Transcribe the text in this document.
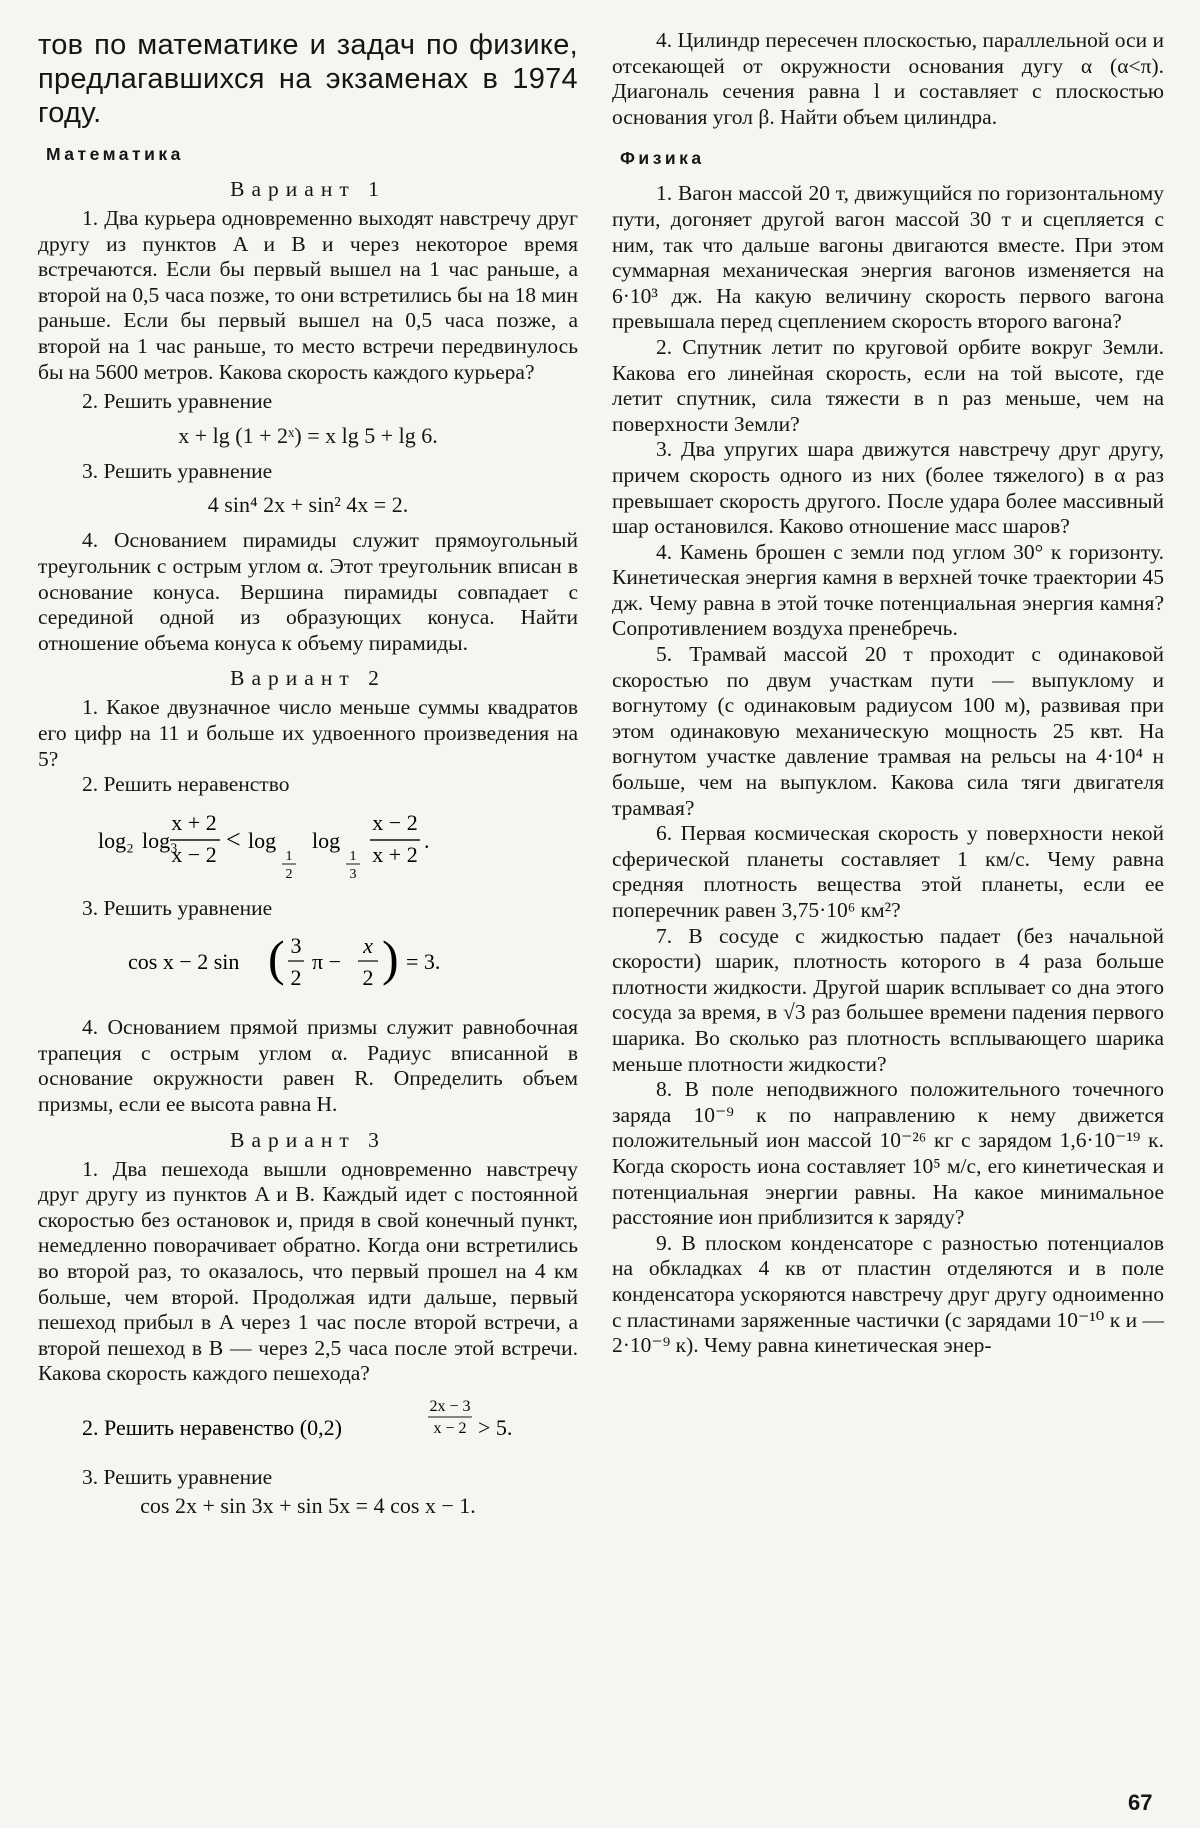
тов по математике и задач по физике, предлагавшихся на экзаменах в 1974 году.

Математика
Вариант 1

1. Два курьера одновременно выходят навстречу друг другу из пунктов A и B и через некоторое время встречаются. Если бы первый вышел на 1 час раньше, а второй на 0,5 часа позже, то они встретились бы на 18 мин раньше. Если бы первый вышел на 0,5 часа позже, а второй на 1 час раньше, то место встречи передвинулось бы на 5600 метров. Какова скорость каждого курьера?

2. Решить уравнение

x + lg (1 + 2ˣ) = x lg 5 + lg 6.

3. Решить уравнение

4 sin⁴ 2x + sin² 4x = 2.

4. Основанием пирамиды служит прямоугольный треугольник с острым углом α. Этот треугольник вписан в основание конуса. Вершина пирамиды совпадает с серединой одной из образующих конуса. Найти отношение объема конуса к объему пирамиды.

Вариант 2

1. Какое двузначное число меньше суммы квадратов его цифр на 11 и больше их удвоенного произведения на 5?

2. Решить неравенство

log₂ log₃
x + 2
x − 2
< log
1
2
log
1
3
x − 2
x + 2
.

3. Решить уравнение

cos x − 2 sin ( 3
2
π −
x
2 ) = 3.

4. Основанием прямой призмы служит равнобочная трапеция с острым углом α. Радиус вписанной в основание окружности равен R. Определить объем призмы, если ее высота равна H.

Вариант 3

1. Два пешехода вышли одновременно навстречу друг другу из пунктов A и B. Каждый идет с постоянной скоростью без остановок и, придя в свой конечный пункт, немедленно поворачивает обратно. Когда они встретились во второй раз, то оказалось, что первый прошел на 4 км больше, чем второй. Продолжая идти дальше, первый пешеход прибыл в A через 1 час после второй встречи, а второй пешеход в B — через 2,5 часа после этой встречи. Какова скорость каждого пешехода?

2. Решить неравенство (0,2)
2x − 3
x − 2 > 5.

3. Решить уравнение

cos 2x + sin 3x + sin 5x = 4 cos x − 1.

4. Цилиндр пересечен плоскостью, параллельной оси и отсекающей от окружности основания дугу α (α<π). Диагональ сечения равна l и составляет с плоскостью основания угол β. Найти объем цилиндра.

Физика

1. Вагон массой 20 т, движущийся по горизонтальному пути, догоняет другой вагон массой 30 т и сцепляется с ним, так что дальше вагоны двигаются вместе. При этом суммарная механическая энергия вагонов изменяется на 6·10³ дж. На какую величину скорость первого вагона превышала перед сцеплением скорость второго вагона?

2. Спутник летит по круговой орбите вокруг Земли. Какова его линейная скорость, если на той высоте, где летит спутник, сила тяжести в n раз меньше, чем на поверхности Земли?

3. Два упругих шара движутся навстречу друг другу, причем скорость одного из них (более тяжелого) в α раз превышает скорость другого. После удара более массивный шар остановился. Каково отношение масс шаров?

4. Камень брошен с земли под углом 30° к горизонту. Кинетическая энергия камня в верхней точке траектории 45 дж. Чему равна в этой точке потенциальная энергия камня? Сопротивлением воздуха пренебречь.

5. Трамвай массой 20 т проходит с одинаковой скоростью по двум участкам пути — выпуклому и вогнутому (с одинаковым радиусом 100 м), развивая при этом одинаковую механическую мощность 25 квт. На вогнутом участке давление трамвая на рельсы на 4·10⁴ н больше, чем на выпуклом. Какова сила тяги двигателя трамвая?

6. Первая космическая скорость у поверхности некой сферической планеты составляет 1 км/с. Чему равна средняя плотность вещества этой планеты, если ее поперечник равен 3,75·10⁶ км²?

7. В сосуде с жидкостью падает (без начальной скорости) шарик, плотность которого в 4 раза больше плотности жидкости. Другой шарик всплывает со дна этого сосуда за время, в √3 раз большее времени падения первого шарика. Во сколько раз плотность всплывающего шарика меньше плотности жидкости?

8. В поле неподвижного положительного точечного заряда 10⁻⁹ к по направлению к нему движется положительный ион массой 10⁻²⁶ кг с зарядом 1,6·10⁻¹⁹ к. Когда скорость иона составляет 10⁵ м/с, его кинетическая и потенциальная энергии равны. На какое минимальное расстояние ион приблизится к заряду?

9. В плоском конденсаторе с разностью потенциалов на обкладках 4 кв от пластин отделяются и в поле конденсатора ускоряются навстречу друг другу одноименно с пластинами заряженные частички (с зарядами 10⁻¹⁰ к и —2·10⁻⁹ к). Чему равна кинетическая энер-

67
